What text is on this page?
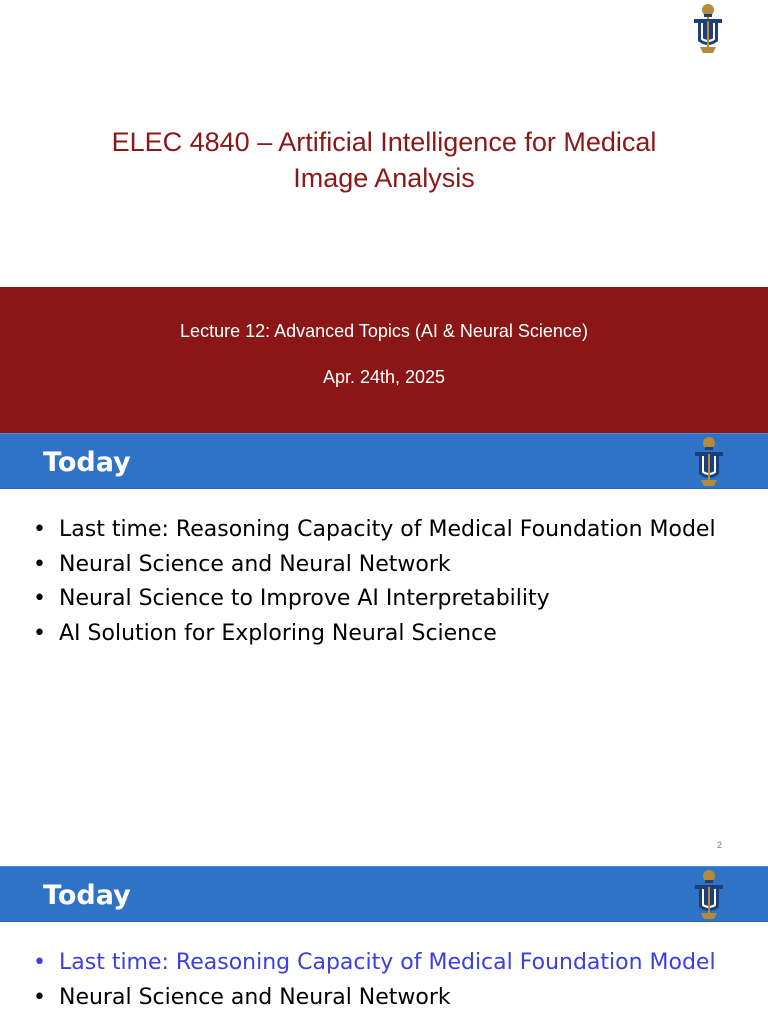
ELEC 4840 – Artificial Intelligence for Medical
Image Analysis
Lecture 12: Advanced Topics (AI & Neural Science)
Apr. 24th, 2025
Today
• Last time: Reasoning Capacity of Medical Foundation Model
• Neural Science and Neural Network
• Neural Science to Improve AI Interpretability
• AI Solution for Exploring Neural Science
2
Today
• Last time: Reasoning Capacity of Medical Foundation Model
• Neural Science and Neural Network
